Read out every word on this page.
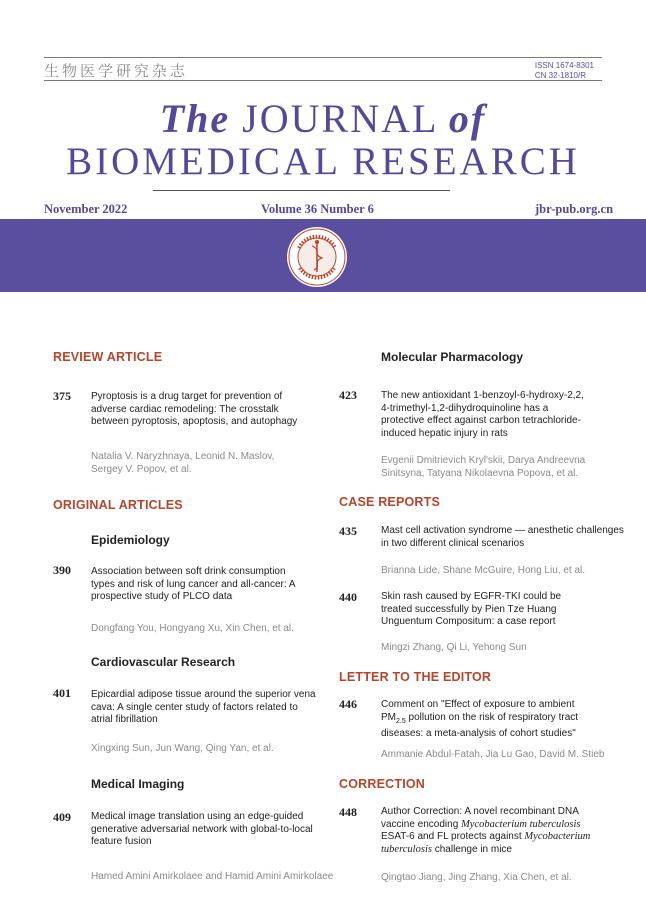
生物医学研究杂志	ISSN 1674-8301
CN 32-1810/R
The JOURNAL of
BIOMEDICAL RESEARCH
November 2022	Volume 36 Number 6	jbr-pub.org.cn
REVIEW ARTICLE
375 Pyroptosis is a drug target for prevention of adverse cardiac remodeling: The crosstalk between pyroptosis, apoptosis, and autophagy
Natalia V. Naryzhnaya, Leonid N. Maslov, Sergey V. Popov, et al.
ORIGINAL ARTICLES
Epidemiology
390 Association between soft drink consumption types and risk of lung cancer and all-cancer: A prospective study of PLCO data
Dongfang You, Hongyang Xu, Xin Chen, et al.
Cardiovascular Research
401 Epicardial adipose tissue around the superior vena cava: A single center study of factors related to atrial fibrillation
Xingxing Sun, Jun Wang, Qing Yan, et al.
Medical Imaging
409 Medical image translation using an edge-guided generative adversarial network with global-to-local feature fusion
Hamed Amini Amirkolaee and Hamid Amini Amirkolaee
Molecular Pharmacology
423 The new antioxidant 1-benzoyl-6-hydroxy-2,2, 4-trimethyl-1,2-dihydroquinoline has a protective effect against carbon tetrachloride-induced hepatic injury in rats
Evgenii Dmitrievich Kryl'skii, Darya Andreevna Sinitsyna, Tatyana Nikolaevna Popova, et al.
CASE REPORTS
435 Mast cell activation syndrome — anesthetic challenges in two different clinical scenarios
Brianna Lide, Shane McGuire, Hong Liu, et al.
440 Skin rash caused by EGFR-TKI could be treated successfully by Pien Tze Huang Unguentum Compositum: a case report
Mingzi Zhang, Qi Li, Yehong Sun
LETTER TO THE EDITOR
446 Comment on "Effect of exposure to ambient $PM_{2.5}$ pollution on the risk of respiratory tract diseases: a meta-analysis of cohort studies"
Ammanie Abdul-Fatah, Jia Lu Gao, David M. Stieb
CORRECTION
448 Author Correction: A novel recombinant DNA vaccine encoding Mycobacterium tuberculosis ESAT-6 and FL protects against Mycobacterium tuberculosis challenge in mice
Qingtao Jiang, Jing Zhang, Xia Chen, et al.
